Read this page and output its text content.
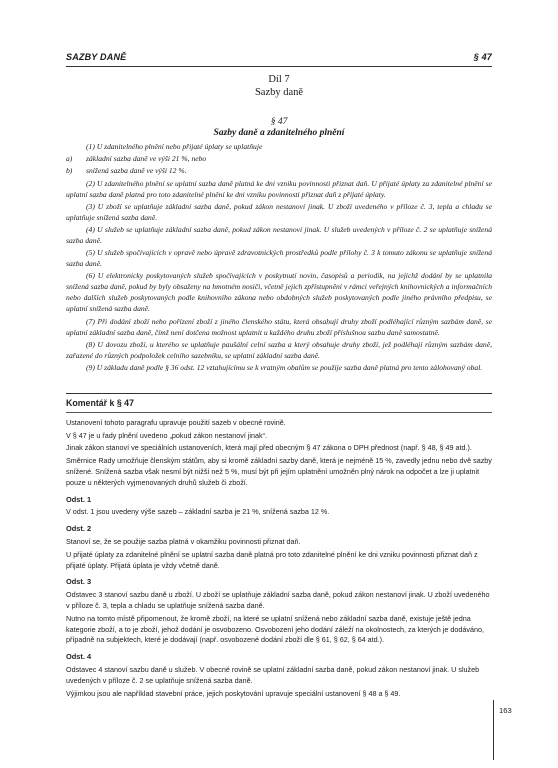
SAZBY DANĚ	§ 47
Díl 7
Sazby daně
§ 47
Sazby daně a zdanitelného plnění

(1) U zdanitelného plnění nebo přijaté úplaty se uplatňuje

a) základní sazba daně ve výši 21 %, nebo

b) snížená sazba daně ve výši 12 %.

(2) U zdanitelného plnění se uplatní sazba daně platná ke dni vzniku povinnosti přiznat daň. U přijaté úplaty za zdanitelné plnění se uplatní sazba daně platná pro toto zdanitelné plnění ke dni vzniku povinnosti přiznat daň z přijaté úplaty.

(3) U zboží se uplatňuje základní sazba daně, pokud zákon nestanoví jinak. U zboží uvedeného v příloze č. 3, tepla a chladu se uplatňuje snížená sazba daně.

(4) U služeb se uplatňuje základní sazba daně, pokud zákon nestanoví jinak. U služeb uvedených v příloze č. 2 se uplatňuje snížená sazba daně.

(5) U služeb spočívajících v opravě nebo úpravě zdravotnických prostředků podle přílohy č. 3 k tomuto zákonu se uplatňuje snížená sazba daně.

(6) U elektronicky poskytovaných služeb spočívajících v poskytnutí novin, časopisů a periodik, na jejichž dodání by se uplatnila snížená sazba daně, pokud by byly obsaženy na hmotném nosiči, včetně jejich zpřístupnění v rámci veřejných knihovnických a informačních nebo dalších služeb poskytovaných podle knihovního zákona nebo obdobných služeb poskytovaných podle jiného právního předpisu, se uplatní snížená sazba daně.

(7) Při dodání zboží nebo pořízení zboží z jiného členského státu, která obsahují druhy zboží podléhající různým sazbám daně, se uplatní základní sazba daně, čímž není dotčena možnost uplatnit u každého druhu zboží příslušnou sazbu daně samostatně.

(8) U dovozu zboží, u kterého se uplatňuje paušální celní sazba a který obsahuje druhy zboží, jež podléhají různým sazbám daně, zařazené do různých podpoložek celního sazebníku, se uplatní základní sazba daně.

(9) U základu daně podle § 36 odst. 12 vztahujícímu se k vratným obalům se použije sazba daně platná pro tento zálohovaný obal.

Komentář k § 47

Ustanovení tohoto paragrafu upravuje použití sazeb v obecné rovině.

V § 47 je u řady plnění uvedeno „pokud zákon nestanoví jinak“.

Jinak zákon stanoví ve speciálních ustanoveních, která mají před obecným § 47 zákona o DPH přednost (např. § 48, § 49 atd.).

Směrnice Rady umožňuje členským státům, aby si kromě základní sazby daně, která je nejméně 15 %, zavedly jednu nebo dvě sazby snížené. Snížená sazba však nesmí být nižší než 5 %, musí být při jejím uplatnění umožněn plný nárok na odpočet a lze ji uplatnit pouze u některých vyjmenovaných druhů služeb či zboží.

Odst. 1

V odst. 1 jsou uvedeny výše sazeb – základní sazba je 21 %, snížená sazba 12 %.

Odst. 2

Stanoví se, že se použije sazba platná v okamžiku povinnosti přiznat daň.

U přijaté úplaty za zdanitelné plnění se uplatní sazba daně platná pro toto zdanitelné plnění ke dni vzniku povinnosti přiznat daň z přijaté úplaty. Přijatá úplata je vždy včetně daně.

Odst. 3

Odstavec 3 stanoví sazbu daně u zboží. U zboží se uplatňuje základní sazba daně, pokud zákon nestanoví jinak. U zboží uvedeného v příloze č. 3, tepla a chladu se uplatňuje snížená sazba daně.

Nutno na tomto místě připomenout, že kromě zboží, na které se uplatní snížená nebo základní sazba daně, existuje ještě jedna kategorie zboží, a to je zboží, jehož dodání je osvobozeno. Osvobození jeho dodání záleží na okolnostech, za kterých je dodáváno, případně na subjektech, které je dodávají (např. osvobozené dodání zboží dle § 61, § 62, § 64 atd.).

Odst. 4

Odstavec 4 stanoví sazbu daně u služeb. V obecné rovině se uplatní základní sazba daně, pokud zákon nestanoví jinak. U služeb uvedených v příloze č. 2 se uplatňuje snížená sazba daně.

Výjimkou jsou ale například stavební práce, jejich poskytování upravuje speciální ustanovení § 48 a § 49.

163
